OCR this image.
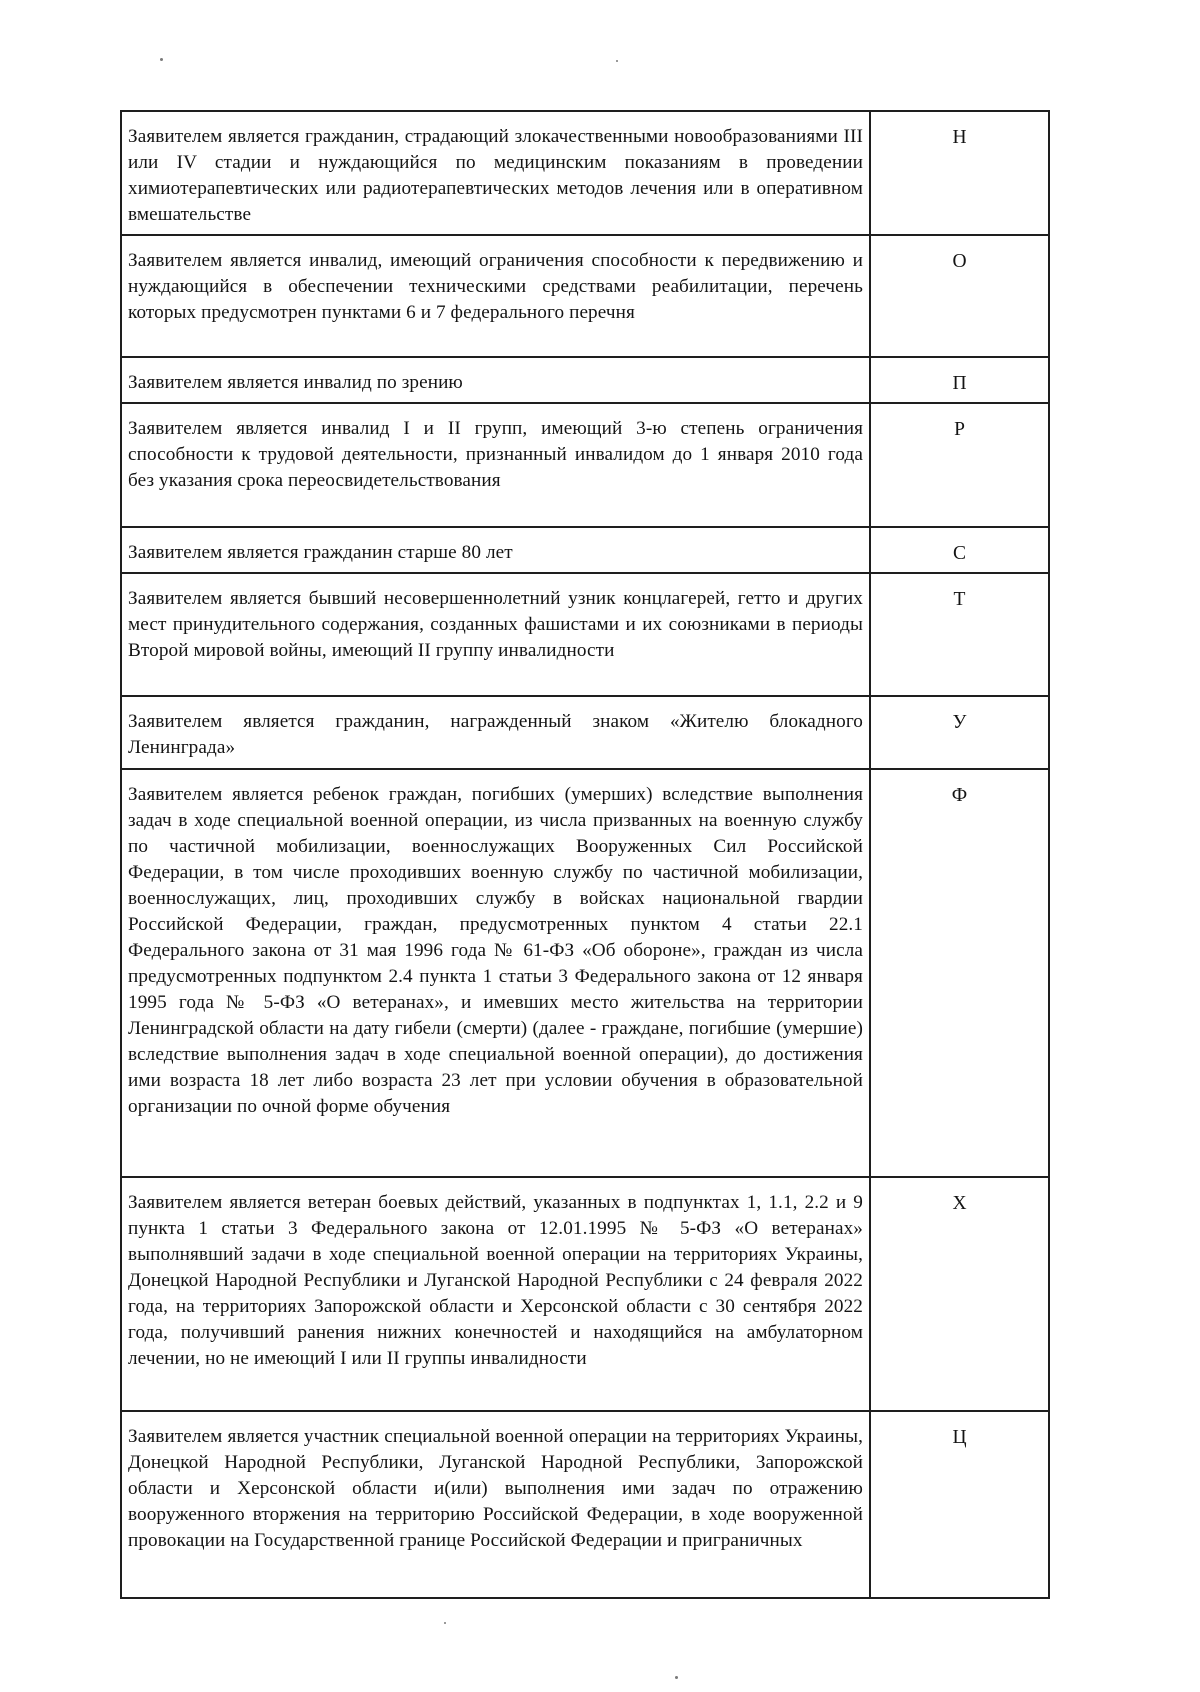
Заявителем является гражданин, страдающий злокачественными новообразованиями III или IV стадии и нуждающийся по медицинским показаниям в проведении химиотерапевтических или радиотерапевтических методов лечения или в оперативном вмешательстве	Н
Заявителем является инвалид, имеющий ограничения способности к передвижению и нуждающийся в обеспечении техническими средствами реабилитации, перечень которых предусмотрен пунктами 6 и 7 федерального перечня	О
Заявителем является инвалид по зрению	П
Заявителем является инвалид I и II групп, имеющий 3-ю степень ограничения способности к трудовой деятельности, признанный инвалидом до 1 января 2010 года без указания срока переосвидетельствования	Р
Заявителем является гражданин старше 80 лет	С
Заявителем является бывший несовершеннолетний узник концлагерей, гетто и других мест принудительного содержания, созданных фашистами и их союзниками в периоды Второй мировой войны, имеющий II группу инвалидности	Т
Заявителем является гражданин, награжденный знаком «Жителю блокадного Ленинграда»	У
Заявителем является ребенок граждан, погибших (умерших) вследствие выполнения задач в ходе специальной военной операции, из числа призванных на военную службу по частичной мобилизации, военнослужащих Вооруженных Сил Российской Федерации, в том числе проходивших военную службу по частичной мобилизации, военнослужащих, лиц, проходивших службу в войсках национальной гвардии Российской Федерации, граждан, предусмотренных пунктом 4 статьи 22.1 Федерального закона от 31 мая 1996 года № 61-ФЗ «Об обороне», граждан из числа предусмотренных подпунктом 2.4 пункта 1 статьи 3 Федерального закона от 12 января 1995 года № 5-ФЗ «О ветеранах», и имевших место жительства на территории Ленинградской области на дату гибели (смерти) (далее - граждане, погибшие (умершие) вследствие выполнения задач в ходе специальной военной операции), до достижения ими возраста 18 лет либо возраста 23 лет при условии обучения в образовательной организации по очной форме обучения	Ф
Заявителем является ветеран боевых действий, указанных в подпунктах 1, 1.1, 2.2 и 9 пункта 1 статьи 3 Федерального закона от 12.01.1995 № 5-ФЗ «О ветеранах» выполнявший задачи в ходе специальной военной операции на территориях Украины, Донецкой Народной Республики и Луганской Народной Республики с 24 февраля 2022 года, на территориях Запорожской области и Херсонской области с 30 сентября 2022 года, получивший ранения нижних конечностей и находящийся на амбулаторном лечении, но не имеющий I или II группы инвалидности	Х
Заявителем является участник специальной военной операции на территориях Украины, Донецкой Народной Республики, Луганской Народной Республики, Запорожской области и Херсонской области и(или) выполнения ими задач по отражению вооруженного вторжения на территорию Российской Федерации, в ходе вооруженной провокации на Государственной границе Российской Федерации и приграничных	Ц
